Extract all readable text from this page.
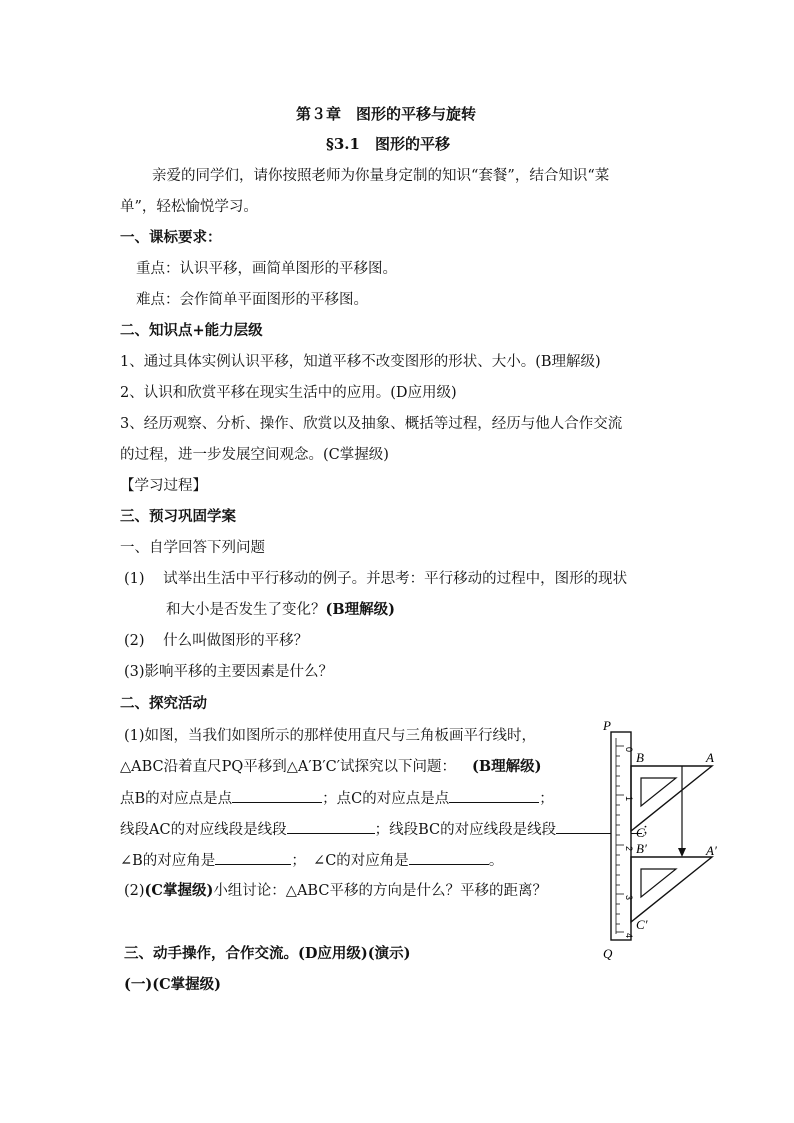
第３章　图形的平移与旋转
§3.1　图形的平移
亲爱的同学们，请你按照老师为你量身定制的知识“套餐”，结合知识“菜
单”，轻松愉悦学习。
一、课标要求：
重点：认识平移，画简单图形的平移图。
难点：会作简单平面图形的平移图。
二、知识点+能力层级
1、通过具体实例认识平移，知道平移不改变图形的形状、大小。(B理解级)
2、认识和欣赏平移在现实生活中的应用。(D应用级)
3、经历观察、分析、操作、欣赏以及抽象、概括等过程，经历与他人合作交流
的过程，进一步发展空间观念。(C掌握级)
【学习过程】
三、预习巩固学案
一、自学回答下列问题
(1) 试举出生活中平行移动的例子。并思考：平行移动的过程中，图形的现状
和大小是否发生了变化？(B理解级)
(2) 什么叫做图形的平移？
(3)影响平移的主要因素是什么？
二、探究活动
(1)如图，当我们如图所示的那样使用直尺与三角板画平行线时，
△ABC沿着直尺PQ平移到△A′B′C′试探究以下问题： (B理解级)
点B的对应点是点	；点C的对应点是点	；
线段AC的对应线段是线段	；线段BC的对应线段是线段	；
∠B的对应角是	；　∠C的对应角是	。
(2)(C掌握级)小组讨论：△ABC平移的方向是什么？平移的距离？
三、动手操作，合作交流。(D应用级)(演示)
(一)(C掌握级)
P
Q
0
1
2
3
4
B	A
C
B′	A′
C′
